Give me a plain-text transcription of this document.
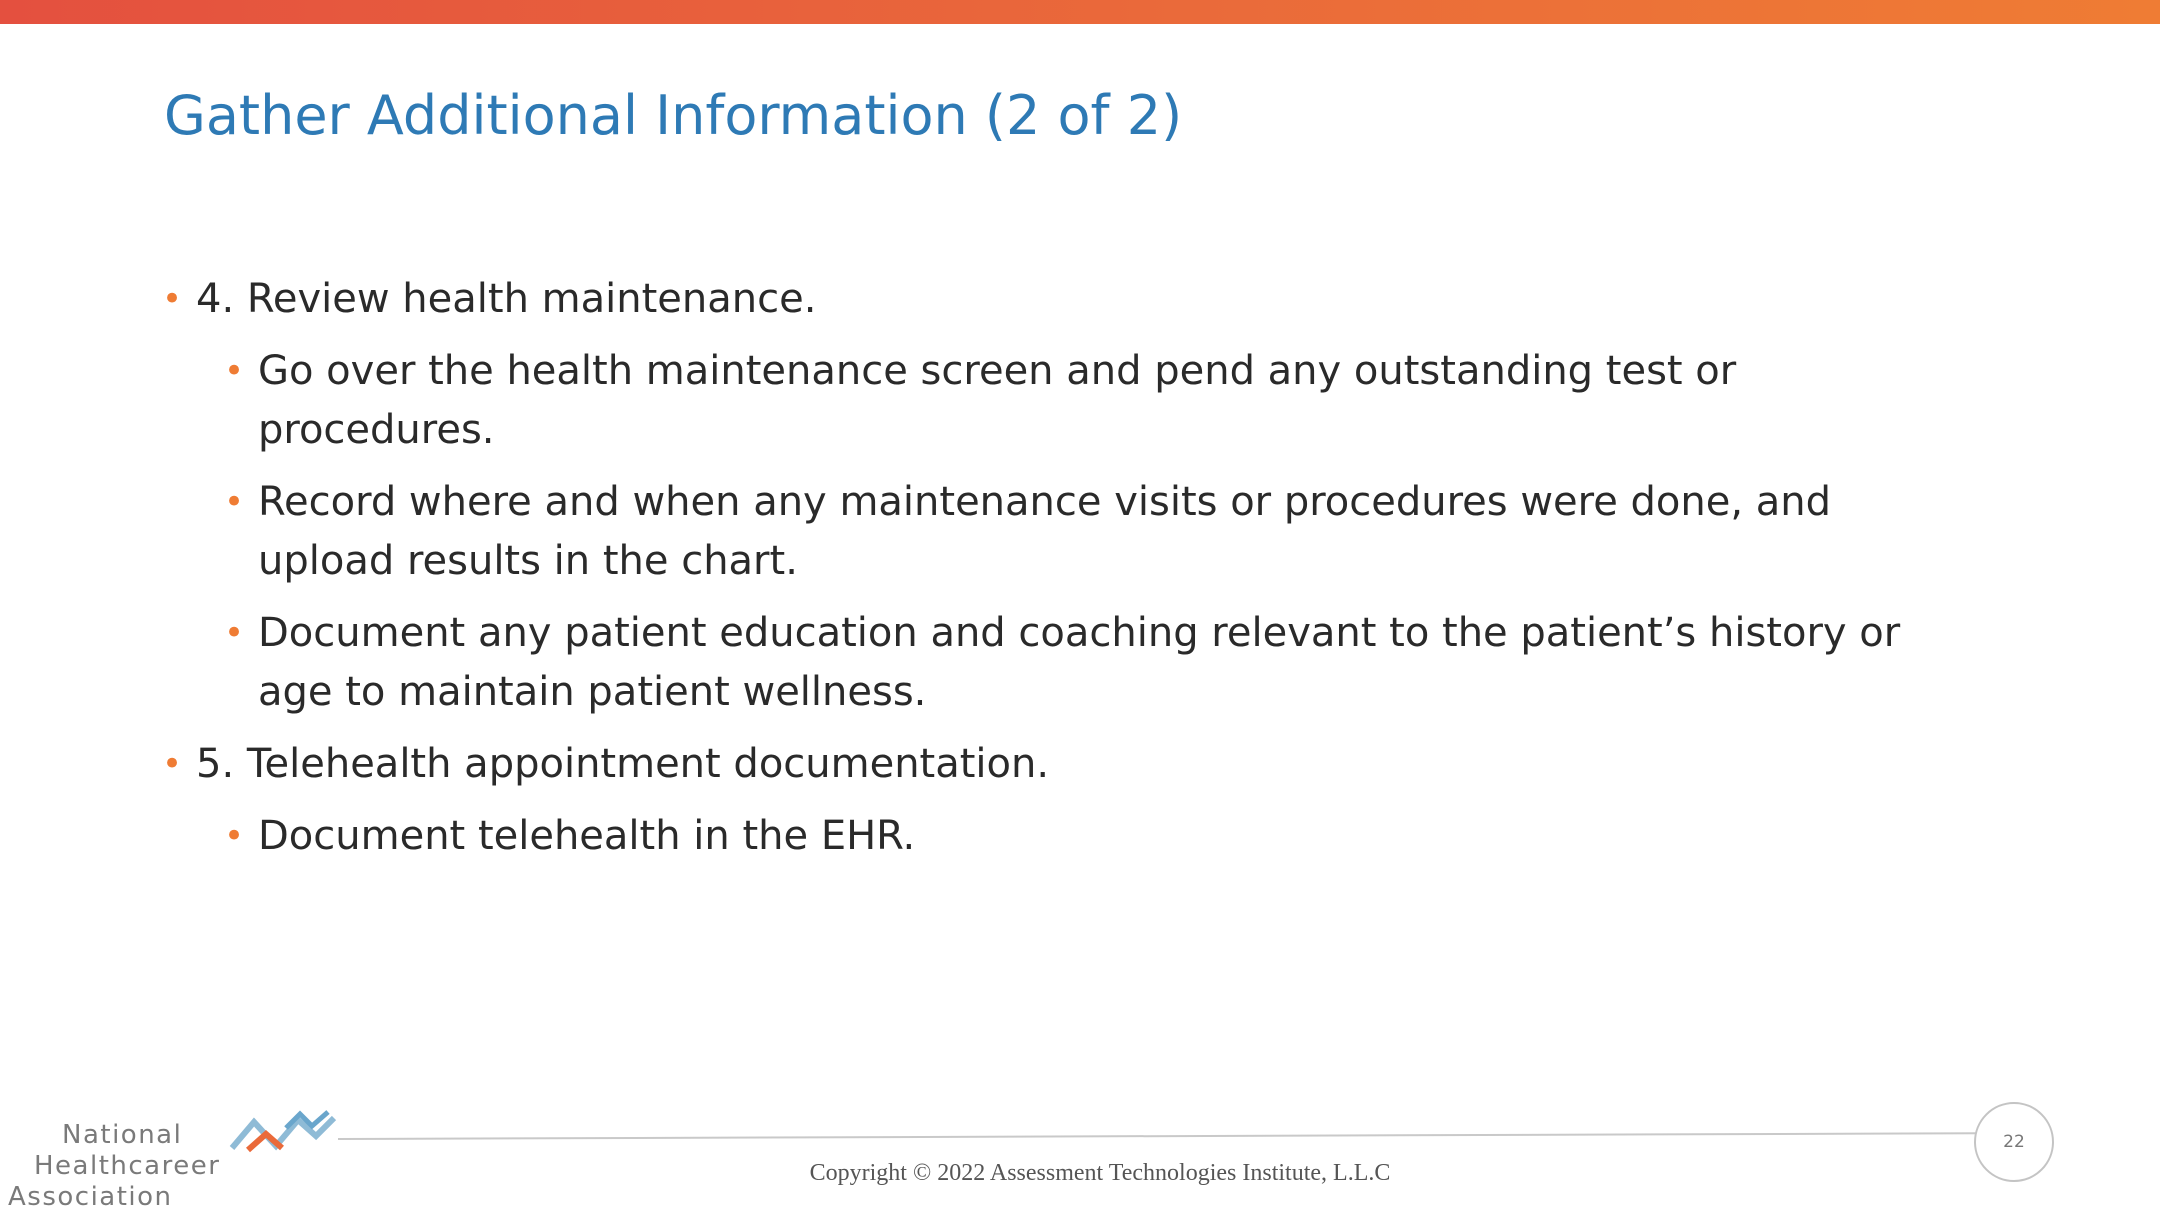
Gather Additional Information (2 of 2)
• 4. Review health maintenance.
• Go over the health maintenance screen and pend any outstanding test or procedures.
• Record where and when any maintenance visits or procedures were done, and upload results in the chart.
• Document any patient education and coaching relevant to the patient’s history or age to maintain patient wellness.
• 5. Telehealth appointment documentation.
• Document telehealth in the EHR.
22
Copyright © 2022 Assessment Technologies Institute, L.L.C
National
Healthcareer
Association
